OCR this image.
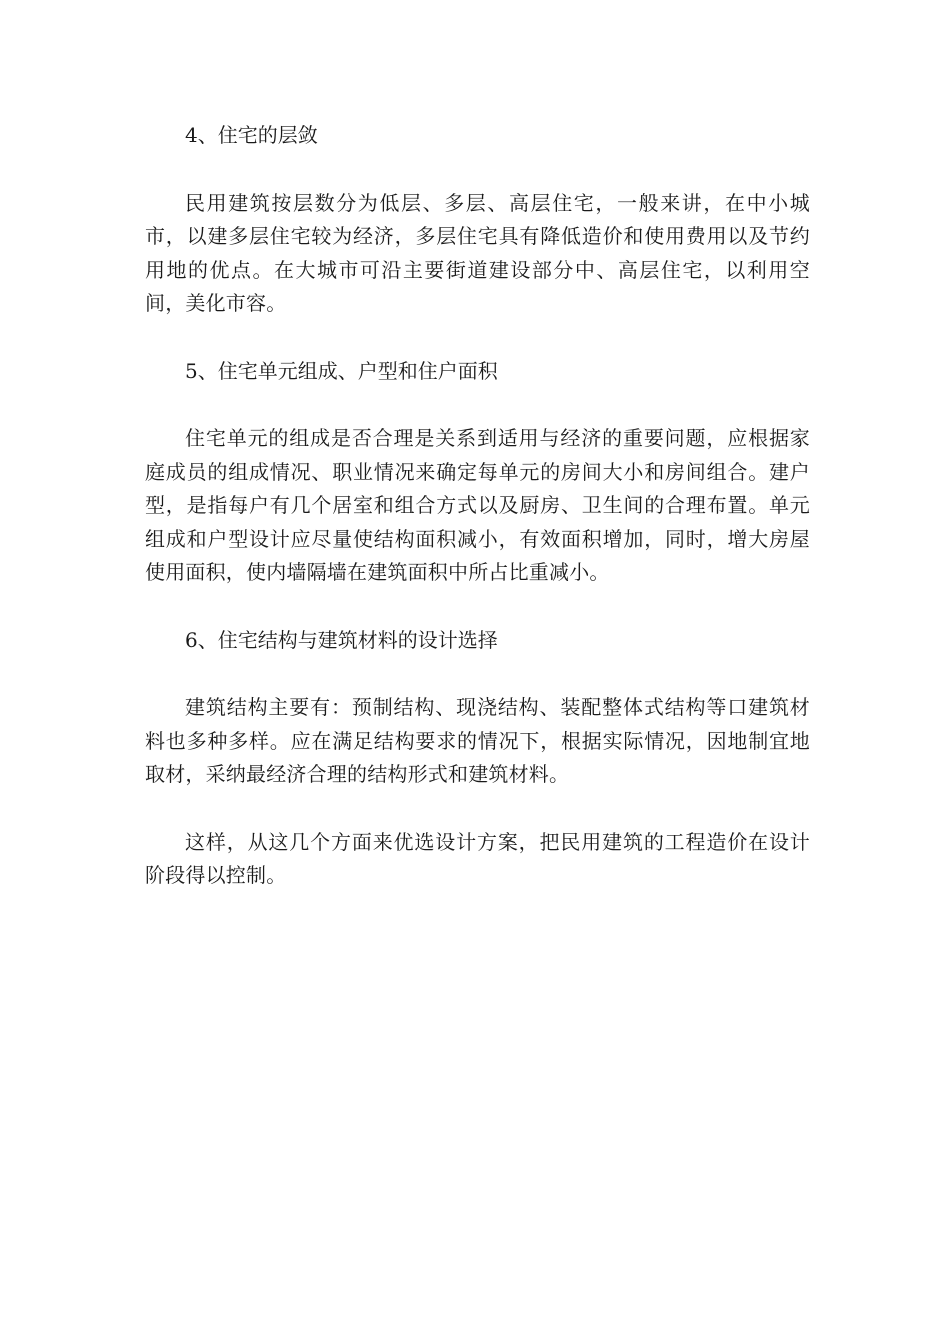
4、住宅的层敛

民用建筑按层数分为低层、多层、高层住宅，一般来讲，在中小城市，以建多层住宅较为经济，多层住宅具有降低造价和使用费用以及节约用地的优点。在大城市可沿主要街道建设部分中、高层住宅，以利用空间，美化市容。

5、住宅单元组成、户型和住户面积

住宅单元的组成是否合理是关系到适用与经济的重要问题，应根据家庭成员的组成情况、职业情况来确定每单元的房间大小和房间组合。建户型，是指每户有几个居室和组合方式以及厨房、卫生间的合理布置。单元组成和户型设计应尽量使结构面积减小，有效面积增加，同时，增大房屋使用面积，使内墙隔墙在建筑面积中所占比重减小。

6、住宅结构与建筑材料的设计选择

建筑结构主要有：预制结构、现浇结构、装配整体式结构等口建筑材料也多种多样。应在满足结构要求的情况下，根据实际情况，因地制宜地取材，采纳最经济合理的结构形式和建筑材料。

这样，从这几个方面来优选设计方案，把民用建筑的工程造价在设计阶段得以控制。
